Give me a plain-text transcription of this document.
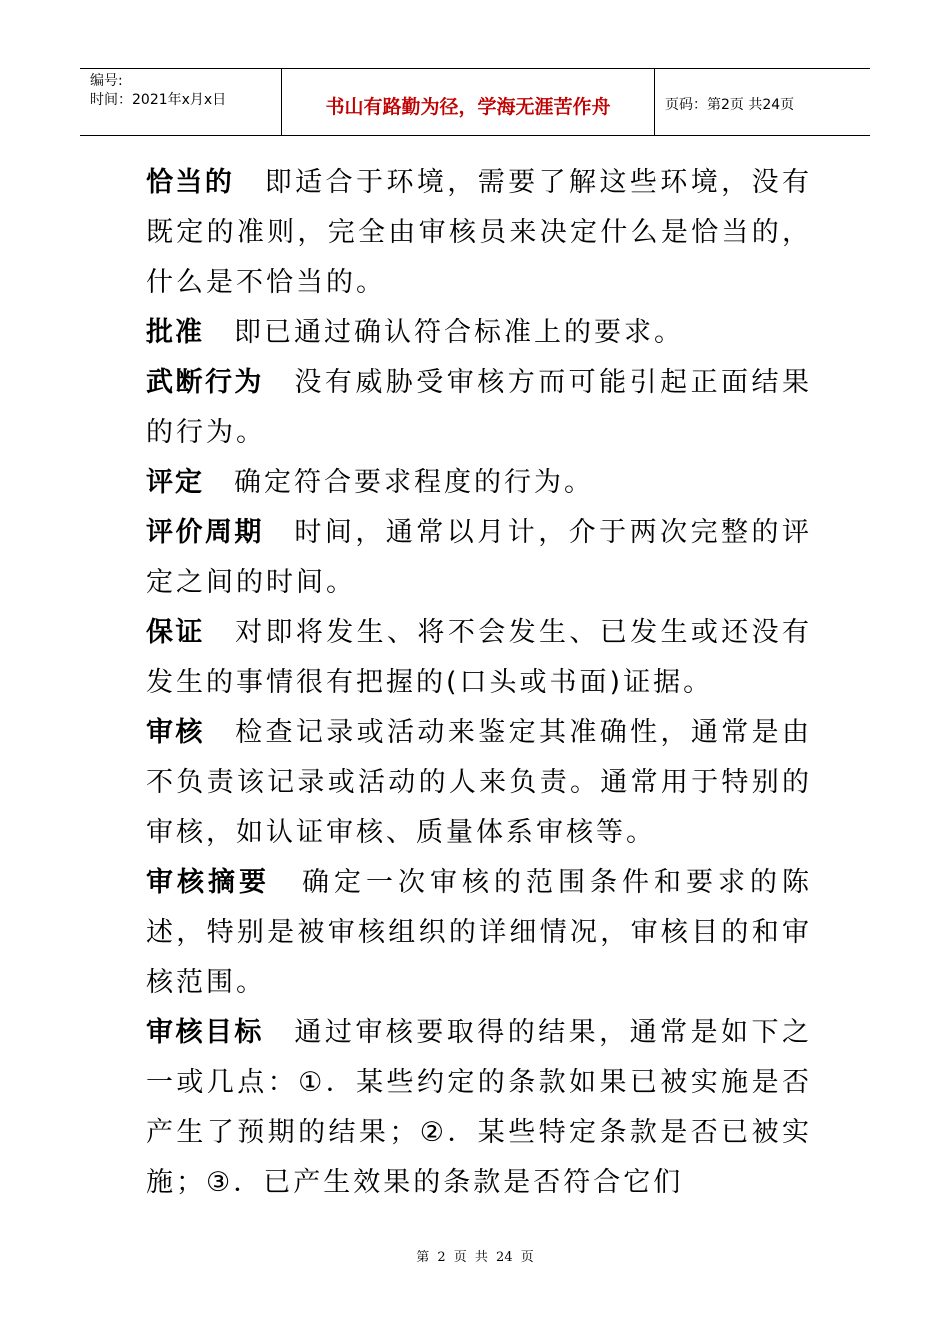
编号:
时间：2021年x月x日	书山有路勤为径，学海无涯苦作舟	页码：第2页 共24页

恰当的 即适合于环境，需要了解这些环境，没有既定的准则，完全由审核员来决定什么是恰当的，什么是不恰当的。

批准 即已通过确认符合标准上的要求。

武断行为 没有威胁受审核方而可能引起正面结果的行为。

评定 确定符合要求程度的行为。

评价周期 时间，通常以月计，介于两次完整的评定之间的时间。

保证 对即将发生、将不会发生、已发生或还没有发生的事情很有把握的(口头或书面)证据。

审核 检查记录或活动来鉴定其准确性，通常是由不负责该记录或活动的人来负责。通常用于特别的审核，如认证审核、质量体系审核等。

审核摘要 确定一次审核的范围条件和要求的陈述，特别是被审核组织的详细情况，审核目的和审核范围。

审核目标 通过审核要取得的结果，通常是如下之一或几点：①．某些约定的条款如果已被实施是否产生了预期的结果；②．某些特定条款是否已被实施；③．已产生效果的条款是否符合它们

第 2 页 共 24 页
